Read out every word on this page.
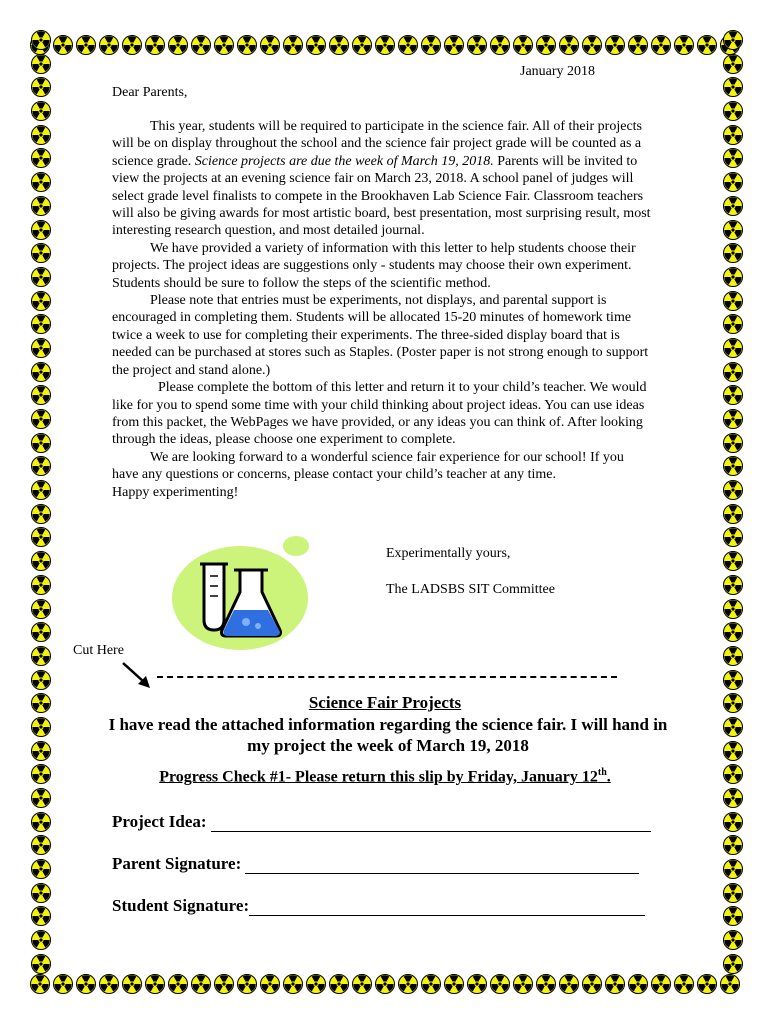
January 2018
Dear Parents,

This year, students will be required to participate in the science fair. All of their projects will be on display throughout the school and the science fair project grade will be counted as a science grade. Science projects are due the week of March 19, 2018. Parents will be invited to view the projects at an evening science fair on March 23, 2018. A school panel of judges will select grade level finalists to compete in the Brookhaven Lab Science Fair. Classroom teachers will also be giving awards for most artistic board, best presentation, most surprising result, most interesting research question, and most detailed journal.

We have provided a variety of information with this letter to help students choose their projects. The project ideas are suggestions only - students may choose their own experiment. Students should be sure to follow the steps of the scientific method.

Please note that entries must be experiments, not displays, and parental support is encouraged in completing them. Students will be allocated 15-20 minutes of homework time twice a week to use for completing their experiments. The three-sided display board that is needed can be purchased at stores such as Staples. (Poster paper is not strong enough to support the project and stand alone.)

Please complete the bottom of this letter and return it to your child’s teacher. We would like for you to spend some time with your child thinking about project ideas. You can use ideas from this packet, the WebPages we have provided, or any ideas you can think of. After looking through the ideas, please choose one experiment to complete.

We are looking forward to a wonderful science fair experience for our school! If you have any questions or concerns, please contact your child’s teacher at any time.

Happy experimenting!

Experimentally yours,
The LADSBS SIT Committee
Cut Here
Science Fair Projects
I have read the attached information regarding the science fair. I will hand in my project the week of March 19, 2018
Progress Check #1- Please return this slip by Friday, January 12th.
Project Idea:
Parent Signature:
Student Signature:
